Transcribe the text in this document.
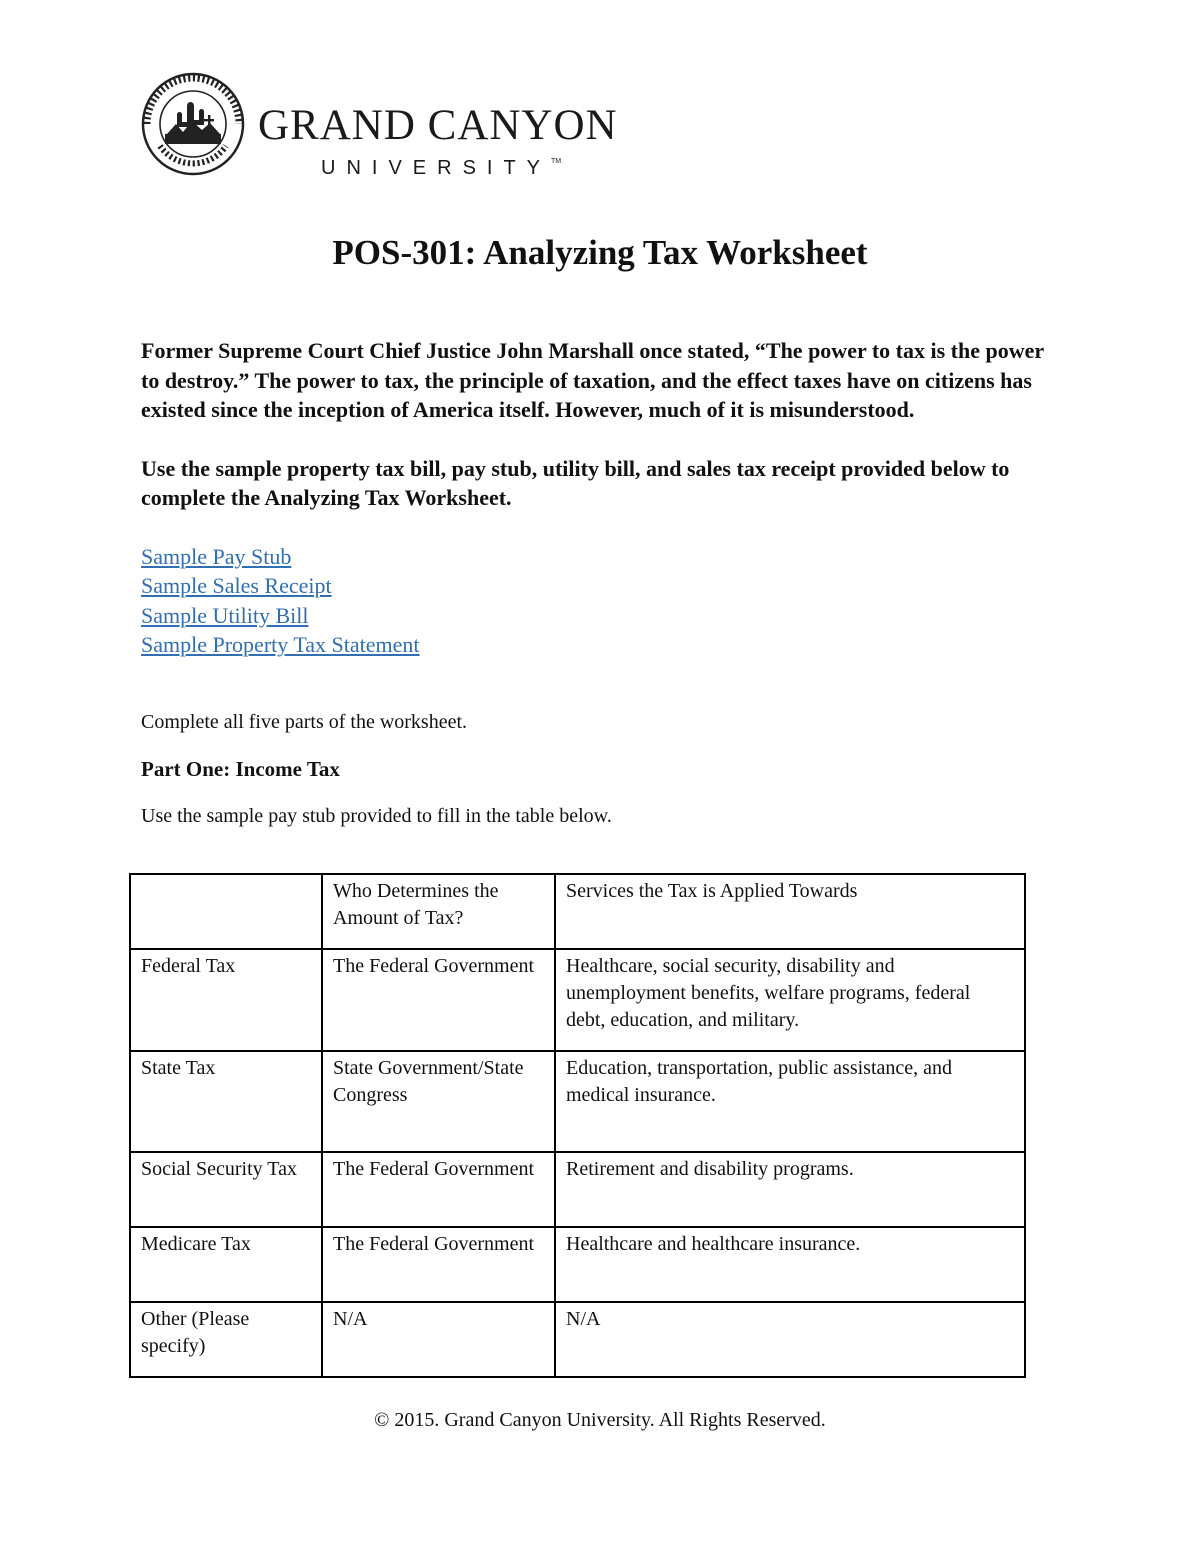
GRAND CANYON
UNIVERSITY™
POS-301: Analyzing Tax Worksheet

Former Supreme Court Chief Justice John Marshall once stated, “The power to tax is the power to destroy.” The power to tax, the principle of taxation, and the effect taxes have on citizens has existed since the inception of America itself. However, much of it is misunderstood.

Use the sample property tax bill, pay stub, utility bill, and sales tax receipt provided below to complete the Analyzing Tax Worksheet.

Sample Pay Stub
Sample Sales Receipt
Sample Utility Bill
Sample Property Tax Statement

Complete all five parts of the worksheet.

Part One: Income Tax

Use the sample pay stub provided to fill in the table below.

	Who Determines the Amount of Tax?	Services the Tax is Applied Towards
Federal Tax	The Federal Government	Healthcare, social security, disability and unemployment benefits, welfare programs, federal debt, education, and military.
State Tax	State Government/State Congress	Education, transportation, public assistance, and medical insurance.
Social Security Tax	The Federal Government	Retirement and disability programs.
Medicare Tax	The Federal Government	Healthcare and healthcare insurance.
Other (Please specify)	N/A	N/A
© 2015. Grand Canyon University. All Rights Reserved.
